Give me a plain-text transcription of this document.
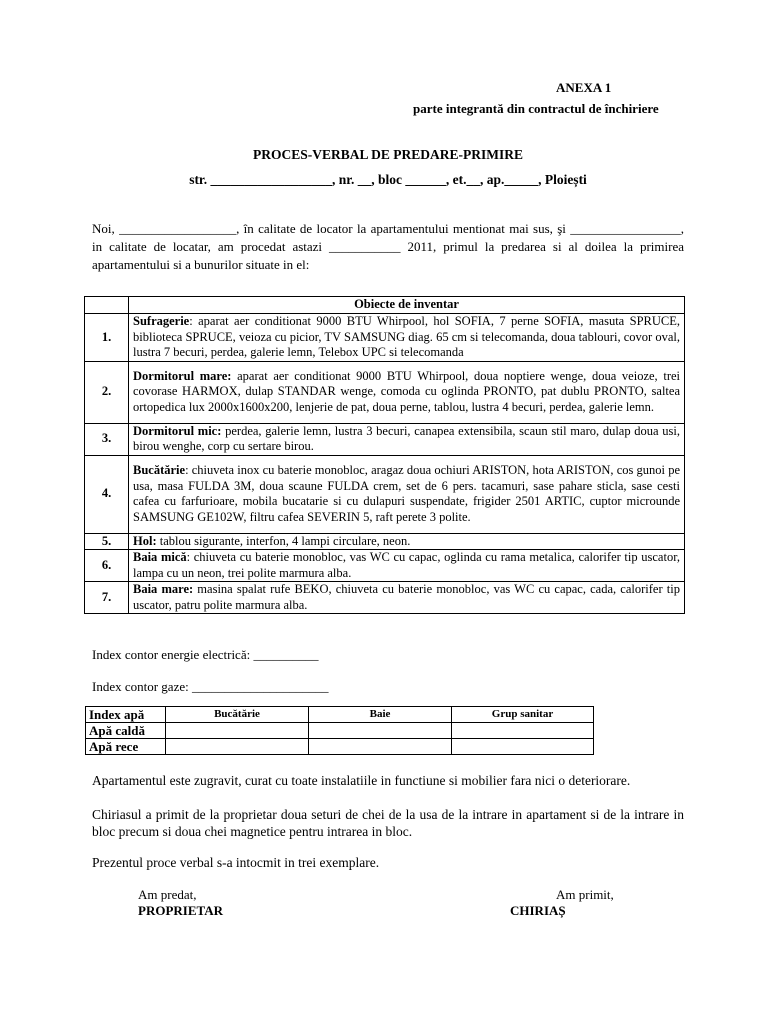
ANEXA 1
parte integrantă din contractul de închiriere
PROCES-VERBAL DE PREDARE-PRIMIRE
str. __________________, nr. __, bloc ______, et.__, ap._____, Ploiești
Noi, __________________, în calitate de locator la apartamentului mentionat mai sus, şi _________________, in calitate de locatar, am procedat astazi ___________ 2011, primul la predarea si al doilea la primirea apartamentului si a bunurilor situate in el:
	Obiecte de inventar
1.	Sufragerie: aparat aer conditionat 9000 BTU Whirpool, hol SOFIA, 7 perne SOFIA, masuta SPRUCE, biblioteca SPRUCE, veioza cu picior, TV SAMSUNG diag. 65 cm si telecomanda, doua tablouri, covor oval, lustra 7 becuri, perdea, galerie lemn, Telebox UPC si telecomanda
2.	Dormitorul mare: aparat aer conditionat 9000 BTU Whirpool, doua noptiere wenge, doua veioze, trei covorase HARMOX, dulap STANDAR wenge, comoda cu oglinda PRONTO, pat dublu PRONTO, saltea ortopedica lux 2000x1600x200, lenjerie de pat, doua perne, tablou, lustra 4 becuri, perdea, galerie lemn.
3.	Dormitorul mic: perdea, galerie lemn, lustra 3 becuri, canapea extensibila, scaun stil maro, dulap doua usi, birou wenghe, corp cu sertare birou.
4.	Bucătărie: chiuveta inox cu baterie monobloc, aragaz doua ochiuri ARISTON, hota ARISTON, cos gunoi pe usa, masa FULDA 3M, doua scaune FULDA crem, set de 6 pers. tacamuri, sase pahare sticla, sase cesti cafea cu farfurioare, mobila bucatarie si cu dulapuri suspendate, frigider 2501 ARTIC, cuptor microunde SAMSUNG GE102W, filtru cafea SEVERIN 5, raft perete 3 polite.
5.	Hol: tablou sigurante, interfon, 4 lampi circulare, neon.
6.	Baia mică: chiuveta cu baterie monobloc, vas WC cu capac, oglinda cu rama metalica, calorifer tip uscator, lampa cu un neon, trei polite marmura alba.
7.	Baia mare: masina spalat rufe BEKO, chiuveta cu baterie monobloc, vas WC cu capac, cada, calorifer tip uscator, patru polite marmura alba.
Index contor energie electrică: __________
Index contor gaze: _____________________
Index apă	Bucătărie	Baie	Grup sanitar
Apă caldă			
Apă rece			
Apartamentul este zugravit, curat cu toate instalatiile in functiune si mobilier fara nici o deteriorare.
Chiriasul a primit de la proprietar doua seturi de chei de la usa de la intrare in apartament si de la intrare in bloc precum si doua chei magnetice pentru intrarea in bloc.
Prezentul proce verbal s-a intocmit in trei exemplare.
Am predat,
PROPRIETAR
Am primit,
CHIRIAȘ
